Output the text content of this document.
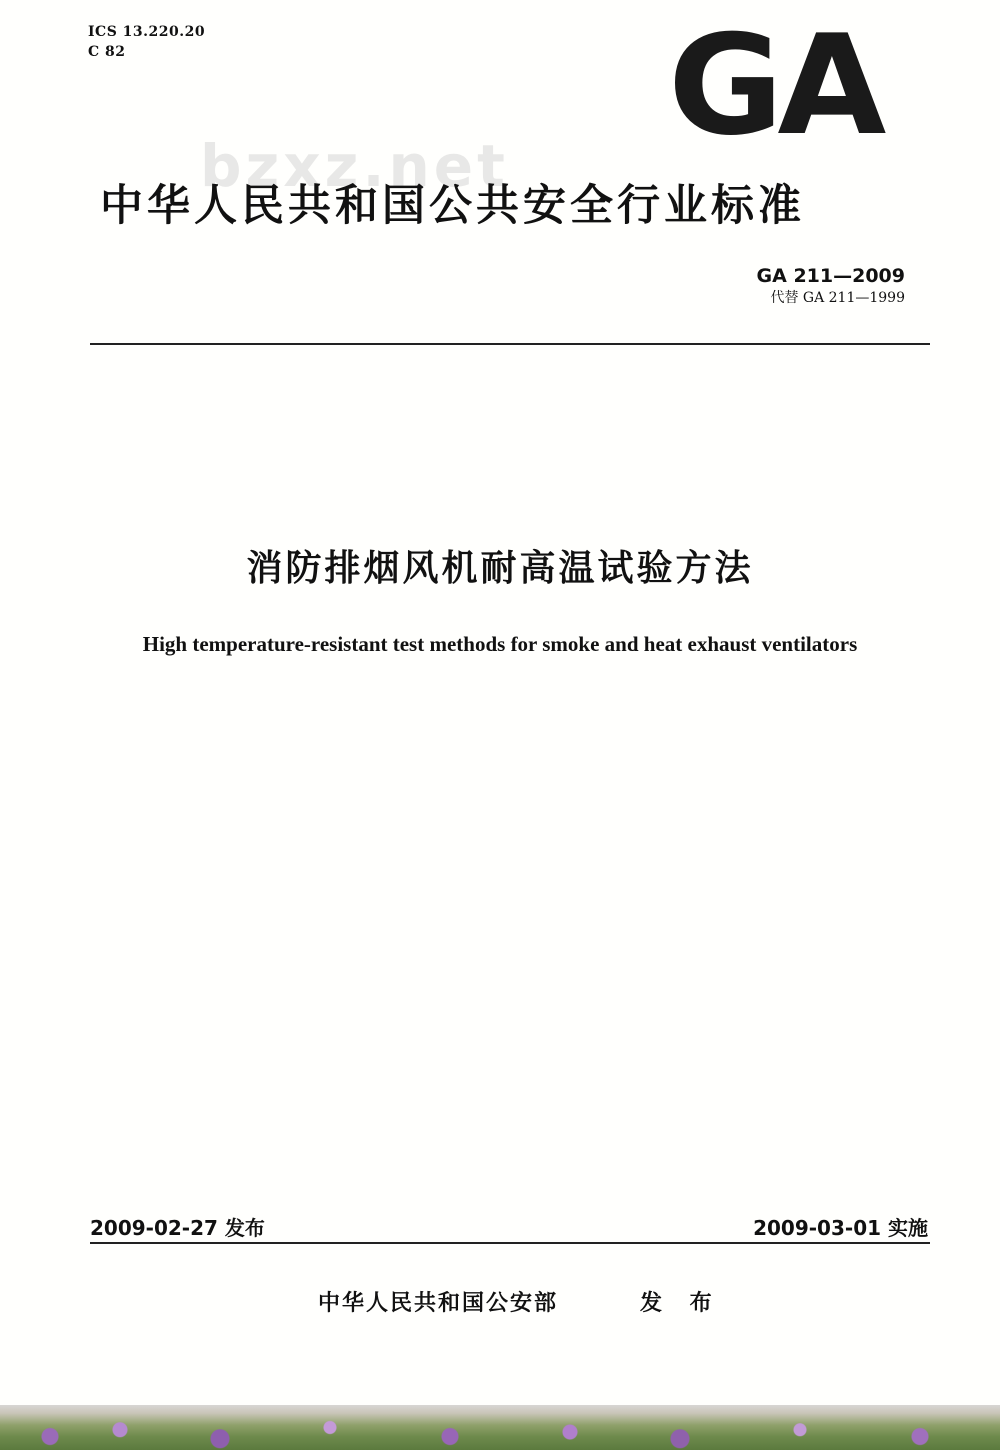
ICS 13.220.20
C 82	GA
bzxz.net
中华人民共和国公共安全行业标准
GA 211—2009
代替 GA 211—1999
消防排烟风机耐高温试验方法
High temperature-resistant test methods for smoke and heat exhaust ventilators
2009-02-27 发布	2009-03-01 实施
中华人民共和国公安部	发 布
